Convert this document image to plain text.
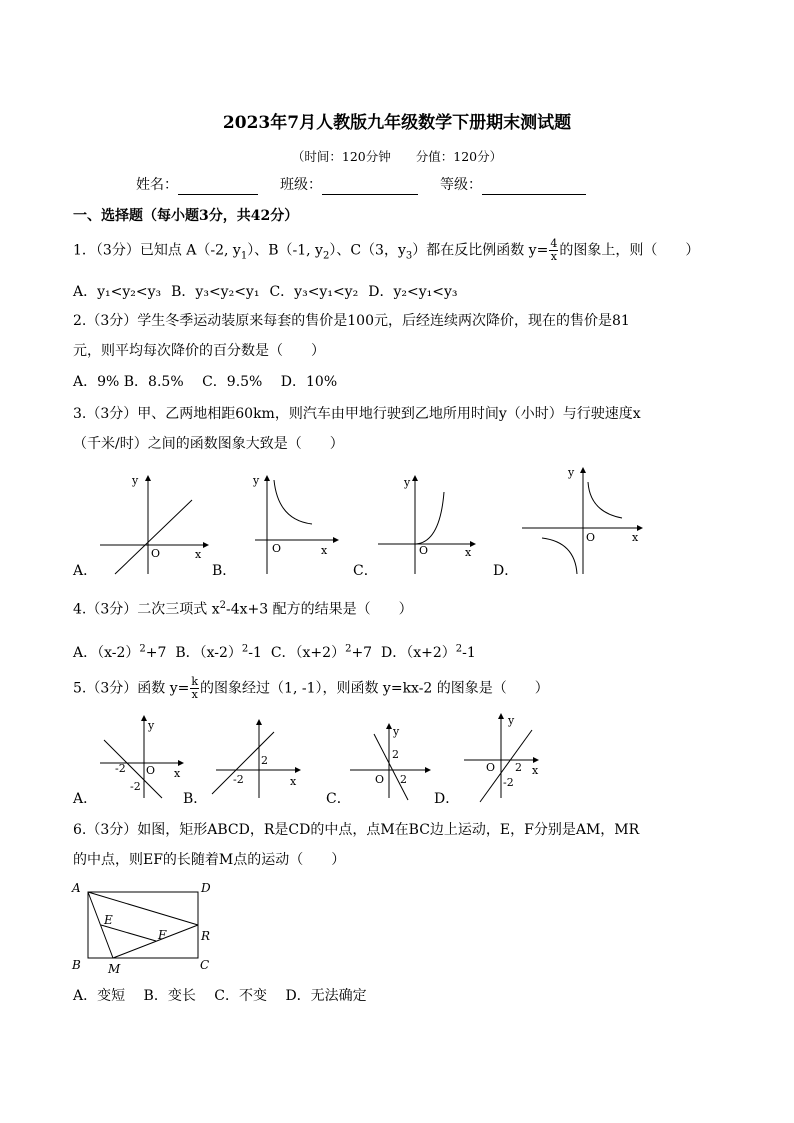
2023年7月人教版九年级数学下册期末测试题
（时间：120分钟　　分值：120分）
姓名：	班级：	等级：
一、选择题（每小题3分，共42分）
1．（3分）已知点 A（-2, $y_1$）、B（-1, $y_2$）、C（3，$y_3$）都在反比例函数 $y= \frac{4}{x}$ 的图象上，则（　　）
A．y₁<y₂<y₃ B．y₃<y₂<y₁ C．y₃<y₁<y₂ D．y₂<y₁<y₃
2.（3分）学生冬季运动装原来每套的售价是100元，后经连续两次降价，现在的售价是81
元，则平均每次降价的百分数是（　　）
A．9% B．8.5%　 C．9.5%　 D．10%
3.（3分）甲、乙两地相距60km，则汽车由甲地行驶到乙地所用时间y（小时）与行驶速度x
（千米/时）之间的函数图象大致是（　　）
y
x
O
y
x
O
y
x
O
y
x
O
A．	B．	C．	D．
4.（3分）二次三项式 $x^2-4x+3$ 配方的结果是（　　）
A．$(x-2)^2+7$ B．$(x-2)^2-1$ C．$(x+2)^2+7$ D．$(x+2)^2-1$
5.（3分）函数 $y= \frac{k}{x}$ 的图象经过（1, -1），则函数 y=kx-2 的图象是（　　）
y
x
O
-2
-2
2
-2	x
y
2
O 2
y
O 2 x
-2
A．	B．	C．	D．
6.（3分）如图，矩形ABCD，R是CD的中点，点M在BC边上运动，E，F分别是AM，MR
的中点，则EF的长随着M点的运动（　　）
A	D
B	C
E
F	R
M
A．变短　 B．变长　 C．不变　 D．无法确定
